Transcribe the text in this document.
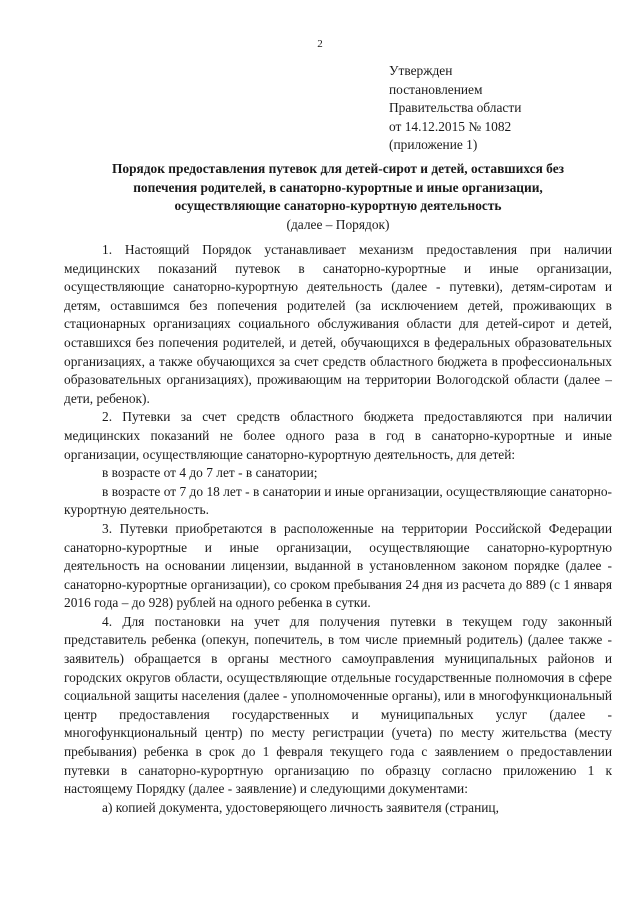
2
Утвержден
постановлением
Правительства области
от 14.12.2015 № 1082
(приложение 1)
Порядок предоставления путевок для детей-сирот и детей, оставшихся без
попечения родителей, в санаторно-курортные и иные организации,
осуществляющие санаторно-курортную деятельность
(далее – Порядок)

1. Настоящий Порядок устанавливает механизм предоставления при наличии медицинских показаний путевок в санаторно-курортные и иные организации, осуществляющие санаторно-курортную деятельность (далее - путевки), детям-сиротам и детям, оставшимся без попечения родителей (за исключением детей, проживающих в стационарных организациях социального обслуживания области для детей-сирот и детей, оставшихся без попечения родителей, и детей, обучающихся в федеральных образовательных организациях, а также обучающихся за счет средств областного бюджета в профессиональных образовательных организациях), проживающим на территории Вологодской области (далее – дети, ребенок).

2. Путевки за счет средств областного бюджета предоставляются при наличии медицинских показаний не более одного раза в год в санаторно-курортные и иные организации, осуществляющие санаторно-курортную деятельность, для детей:

в возрасте от 4 до 7 лет - в санатории;

в возрасте от 7 до 18 лет - в санатории и иные организации, осуществляющие санаторно-курортную деятельность.

3. Путевки приобретаются в расположенные на территории Российской Федерации санаторно-курортные и иные организации, осуществляющие санаторно-курортную деятельность на основании лицензии, выданной в установленном законом порядке (далее - санаторно-курортные организации), со сроком пребывания 24 дня из расчета до 889 (с 1 января 2016 года – до 928) рублей на одного ребенка в сутки.

4. Для постановки на учет для получения путевки в текущем году законный представитель ребенка (опекун, попечитель, в том числе приемный родитель) (далее также - заявитель) обращается в органы местного самоуправления муниципальных районов и городских округов области, осуществляющие отдельные государственные полномочия в сфере социальной защиты населения (далее - уполномоченные органы), или в многофункциональный центр предоставления государственных и муниципальных услуг (далее - многофункциональный центр) по месту регистрации (учета) по месту жительства (месту пребывания) ребенка в срок до 1 февраля текущего года с заявлением о предоставлении путевки в санаторно-курортную организацию по образцу согласно приложению 1 к настоящему Порядку (далее - заявление) и следующими документами:

а) копией документа, удостоверяющего личность заявителя (страниц,
